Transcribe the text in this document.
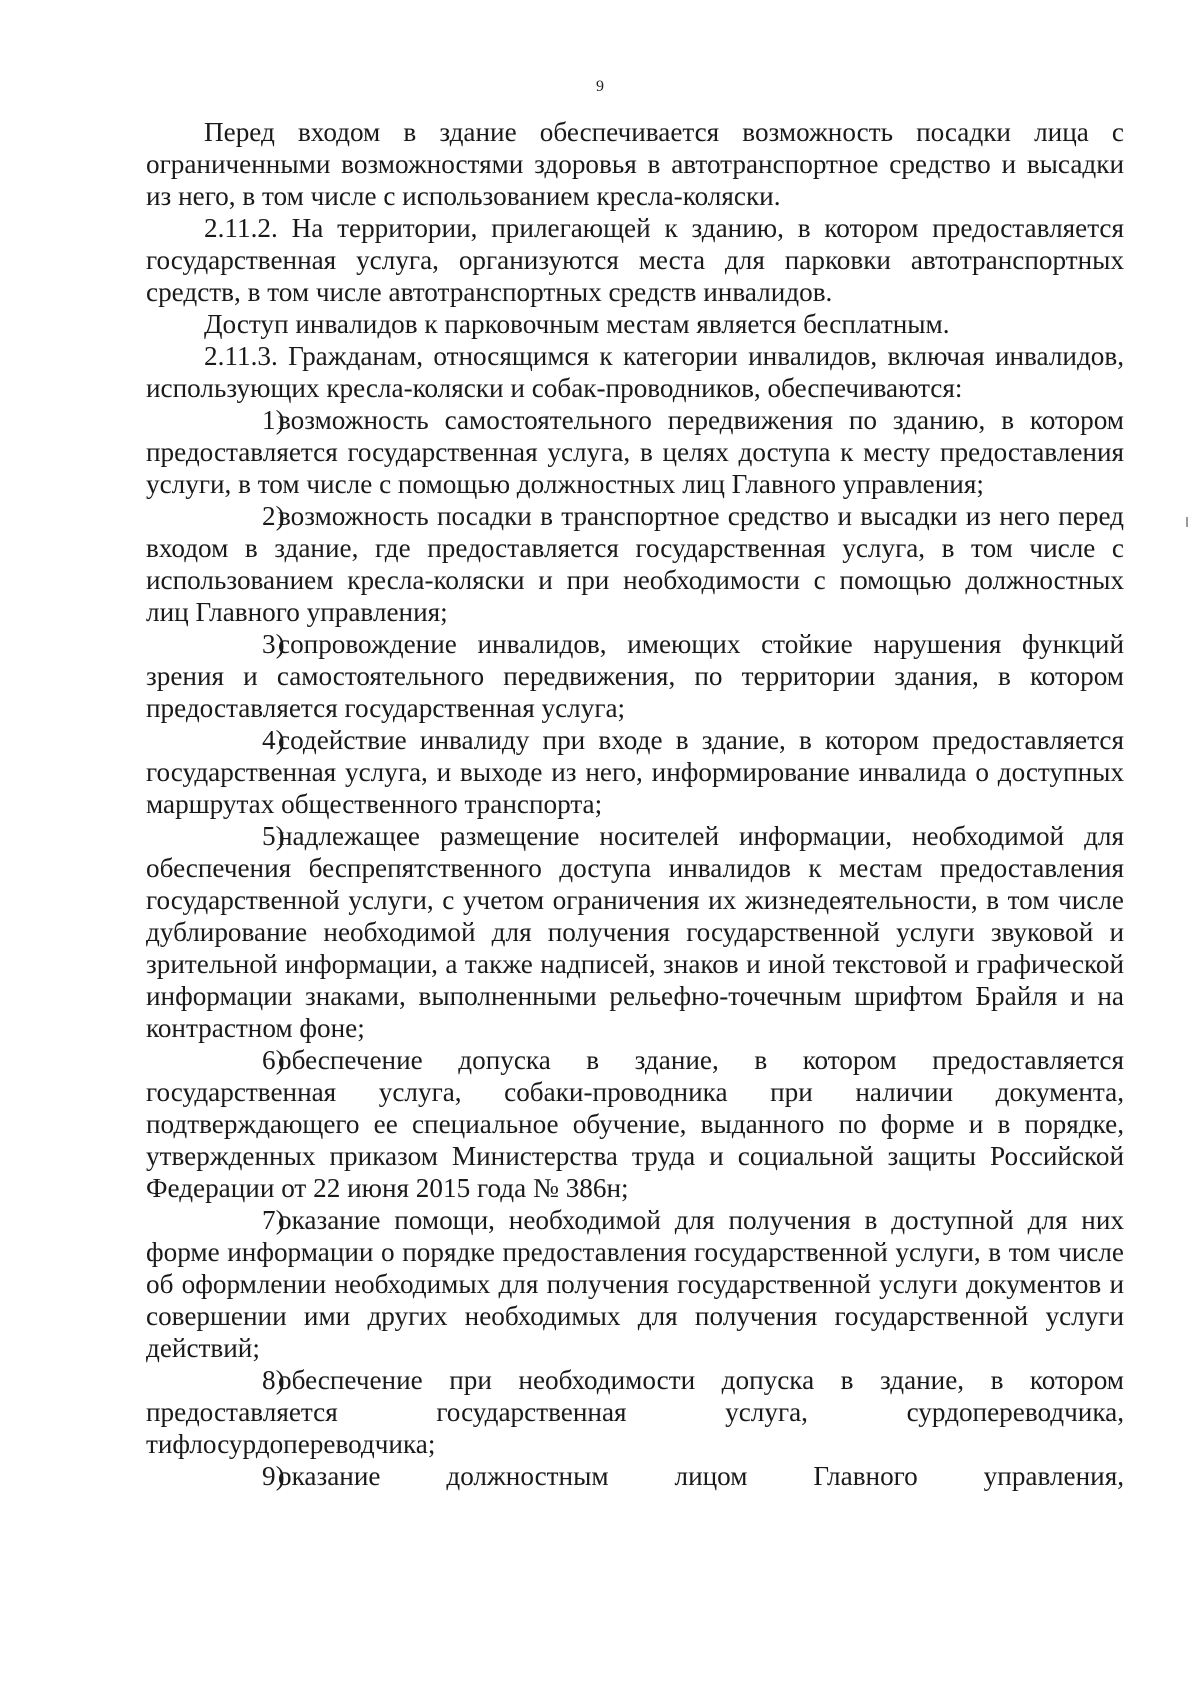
9

Перед входом в здание обеспечивается возможность посадки лица с ограниченными возможностями здоровья в автотранспортное средство и высадки из него, в том числе с использованием кресла-коляски.

2.11.2. На территории, прилегающей к зданию, в котором предоставляется государственная услуга, организуются места для парковки автотранспортных средств, в том числе автотранспортных средств инвалидов.

Доступ инвалидов к парковочным местам является бесплатным.

2.11.3. Гражданам, относящимся к категории инвалидов, включая инвалидов, использующих кресла-коляски и собак-проводников, обеспечиваются:

1)возможность самостоятельного передвижения по зданию, в котором предоставляется государственная услуга, в целях доступа к месту предоставления услуги, в том числе с помощью должностных лиц Главного управления;

2)возможность посадки в транспортное средство и высадки из него перед входом в здание, где предоставляется государственная услуга, в том числе с использованием кресла-коляски и при необходимости с помощью должностных лиц Главного управления;

3)сопровождение инвалидов, имеющих стойкие нарушения функций зрения и самостоятельного передвижения, по территории здания, в котором предоставляется государственная услуга;

4)содействие инвалиду при входе в здание, в котором предоставляется государственная услуга, и выходе из него, информирование инвалида о доступных маршрутах общественного транспорта;

5)надлежащее размещение носителей информации, необходимой для обеспечения беспрепятственного доступа инвалидов к местам предоставления государственной услуги, с учетом ограничения их жизнедеятельности, в том числе дублирование необходимой для получения государственной услуги звуковой и зрительной информации, а также надписей, знаков и иной текстовой и графической информации знаками, выполненными рельефно-точечным шрифтом Брайля и на контрастном фоне;

6)обеспечение допуска в здание, в котором предоставляется государственная услуга, собаки-проводника при наличии документа, подтверждающего ее специальное обучение, выданного по форме и в порядке, утвержденных приказом Министерства труда и социальной защиты Российской Федерации от 22 июня 2015 года № 386н;

7)оказание помощи, необходимой для получения в доступной для них форме информации о порядке предоставления государственной услуги, в том числе об оформлении необходимых для получения государственной услуги документов и совершении ими других необходимых для получения государственной услуги действий;

8)обеспечение при необходимости допуска в здание, в котором предоставляется государственная услуга, сурдопереводчика, тифлосурдопереводчика;

9)оказание должностным лицом Главного управления,
